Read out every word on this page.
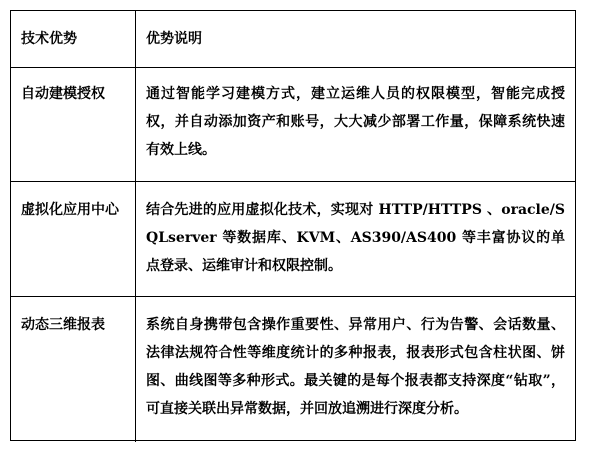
技术优势	优势说明
自动建模授权	通过智能学习建模方式，建立运维人员的权限模型，智能完成授权，并自动添加资产和账号，大大减少部署工作量，保障系统快速有效上线。
虚拟化应用中心	结合先进的应用虚拟化技术，实现对 HTTP/HTTPS 、oracle/SQLserver 等数据库、KVM、AS390/AS400 等丰富协议的单点登录、运维审计和权限控制。
动态三维报表	系统自身携带包含操作重要性、异常用户、行为告警、会话数量、法律法规符合性等维度统计的多种报表，报表形式包含柱状图、饼图、曲线图等多种形式。最关键的是每个报表都支持深度“钻取”，可直接关联出异常数据，并回放追溯进行深度分析。
